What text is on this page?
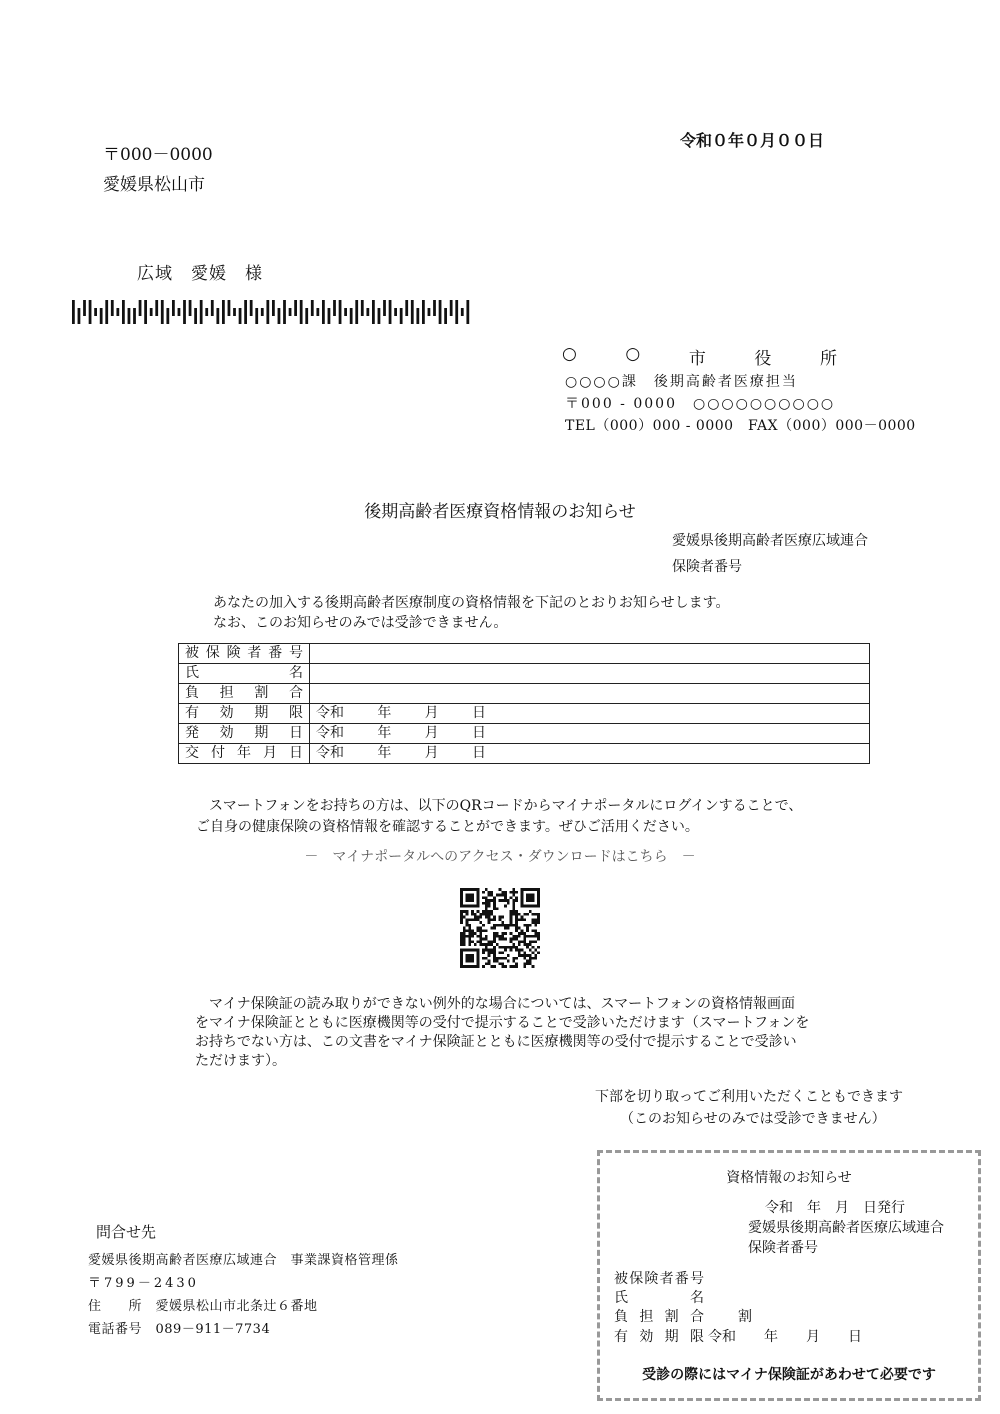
令和０年０月００日
〒000－0000
愛媛県松山市
広域　愛媛　様
○	○	市	役	所
○○○○課　後期高齢者医療担当
〒000 - 0000　○○○○○○○○○○
TEL（000）000 - 0000　FAX（000）000－0000
後期高齢者医療資格情報のお知らせ
愛媛県後期高齢者医療広域連合
保険者番号
あなたの加入する後期高齢者医療制度の資格情報を下記のとおりお知らせします。
なお、このお知らせのみでは受診できません。
被保険者番号	
氏名	
負担割合	
有効期限	令和 年 月 日

発効期日	令和 年 月 日

交付年月日	令和 年 月 日
スマートフォンをお持ちの方は、以下のQRコードからマイナポータルにログインすることで、
ご自身の健康保険の資格情報を確認することができます。ぜひご活用ください。
－　マイナポータルへのアクセス・ダウンロードはこちら　－

　マイナ保険証の読み取りができない例外的な場合については、スマートフォンの資格情報画面

をマイナ保険証とともに医療機関等の受付で提示することで受診いただけます（スマートフォンを

お持ちでない方は、この文書をマイナ保険証とともに医療機関等の受付で提示することで受診い

ただけます）。

下部を切り取ってご利用いただくこともできます
（このお知らせのみでは受診できません）
問合せ先
愛媛県後期高齢者医療広域連合　事業課資格管理係
〒799－2430
住　　所　愛媛県松山市北条辻６番地
電話番号　089－911－7734
資格情報のお知らせ
令和　年　月　日発行
愛媛県後期高齢者医療広域連合
保険者番号
被保険者番号
氏名
負担割合 割
有効期限 令和　　年　　月　　日
受診の際にはマイナ保険証があわせて必要です
